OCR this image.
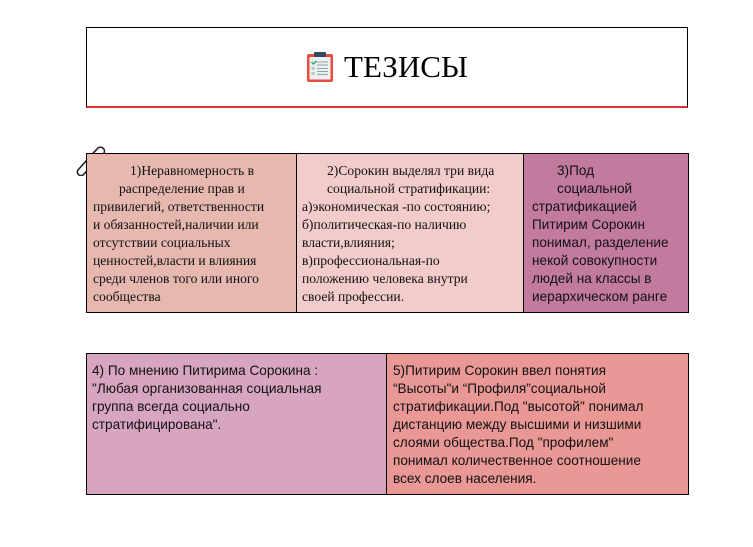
ТЕЗИСЫ
1)Неравномерность в
распределение прав и
привилегий, ответственности
и обязанностей,наличии или
отсутствии социальных
ценностей,власти и влияния
среди членов того или иного
сообщества
2)Сорокин выделял три вида
социальной стратификации:
а)экономическая -по состоянию;
б)политическая-по наличию
власти,влияния;
в)профессиональная-по
положению человека внутри
своей профессии.
3)Под
социальной
стратификацией
Питирим Сорокин
понимал, разделение
некой совокупности
людей на классы в
иерархическом ранге
4) По мнению Питирима Сорокина :
"Любая организованная социальная
группа всегда социально
стратифицирована".
5)Питирим Сорокин ввел понятия
“Высоты"и “Профиля”социальной
стратификации.Под "высотой" понимал
дистанцию между высшими и низшими
слоями общества.Под "профилем"
понимал количественное соотношение
всех слоев населения.
